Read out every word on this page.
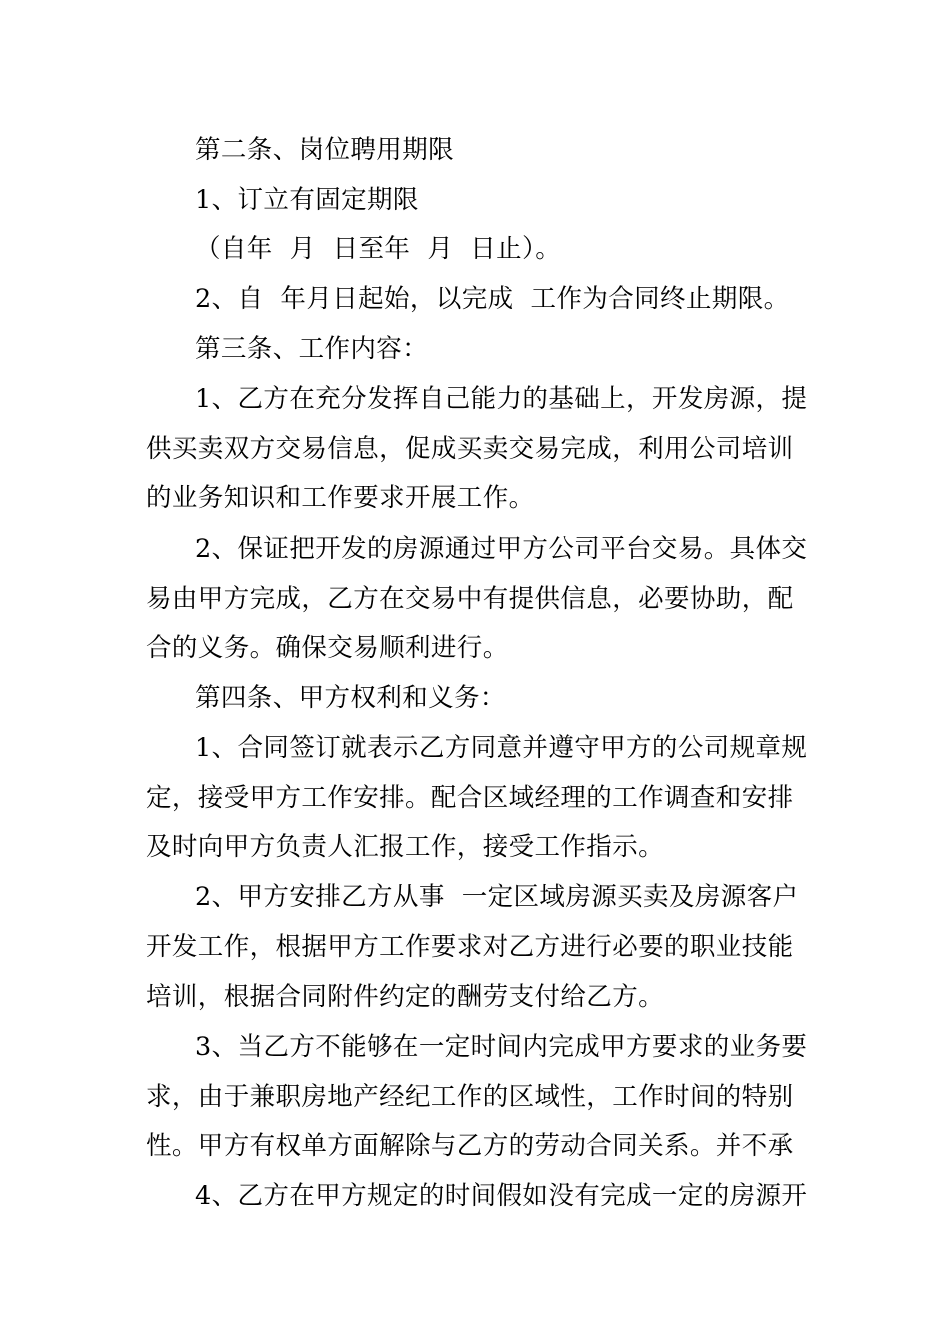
第二条、岗位聘用期限
1、订立有固定期限
（自年  月  日至年  月  日止）。
2、自  年月日起始，以完成  工作为合同终止期限。
第三条、工作内容：
1、乙方在充分发挥自己能力的基础上，开发房源，提
供买卖双方交易信息，促成买卖交易完成，利用公司培训
的业务知识和工作要求开展工作。
2、保证把开发的房源通过甲方公司平台交易。具体交
易由甲方完成，乙方在交易中有提供信息，必要协助，配
合的义务。确保交易顺利进行。
第四条、甲方权利和义务：
1、合同签订就表示乙方同意并遵守甲方的公司规章规
定，接受甲方工作安排。配合区域经理的工作调查和安排
及时向甲方负责人汇报工作，接受工作指示。
2、甲方安排乙方从事  一定区域房源买卖及房源客户
开发工作，根据甲方工作要求对乙方进行必要的职业技能
培训，根据合同附件约定的酬劳支付给乙方。
3、当乙方不能够在一定时间内完成甲方要求的业务要
求，由于兼职房地产经纪工作的区域性，工作时间的特别
性。甲方有权单方面解除与乙方的劳动合同关系。并不承
4、乙方在甲方规定的时间假如没有完成一定的房源开
